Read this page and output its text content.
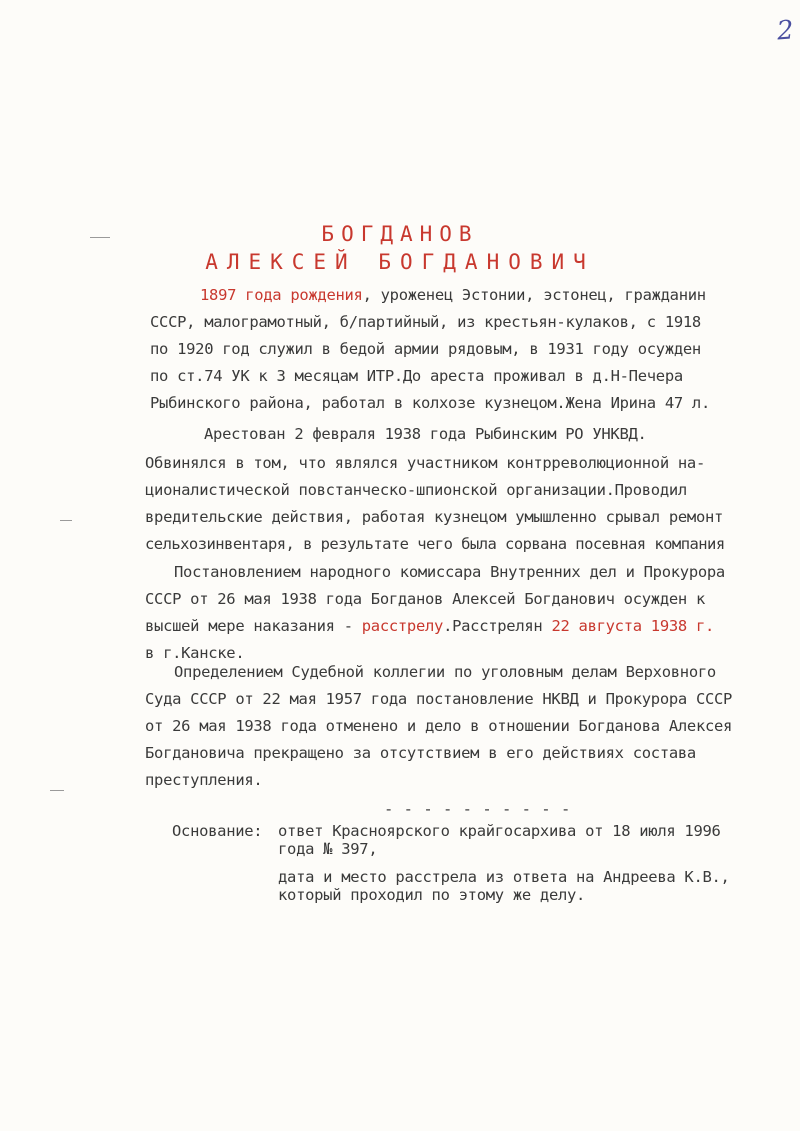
2
БОГДАНОВ
АЛЕКСЕЙ БОГДАНОВИЧ
1897 года рождения, уроженец Эстонии, эстонец, гражданин
СССР, малограмотный, б/партийный, из крестьян-кулаков, с 1918
по 1920 год служил в бедой армии рядовым, в 1931 году осужден
по ст.74 УК к 3 месяцам ИТР.До ареста проживал в д.Н-Печера
Рыбинского района, работал в колхозе кузнецом.Жена Ирина 47 л.
Арестован 2 февраля 1938 года Рыбинским РО УНКВД.
Обвинялся в том, что являлся участником контрреволюционной на-
ционалистической повстанческо-шпионской организации.Проводил
вредительские действия, работая кузнецом умышленно срывал ремонт
сельхозинвентаря, в результате чего была сорвана посевная компания
Постановлением народного комиссара Внутренних дел и Прокурора
СССР от 26 мая 1938 года Богданов Алексей Богданович осужден к
высшей мере наказания - расстрелу.Расстрелян 22 августа 1938 г.
в г.Канске.
Определением Судебной коллегии по уголовным делам Верховного
Суда СССР от 22 мая 1957 года постановление НКВД и Прокурора СССР
от 26 мая 1938 года отменено и дело в отношении Богданова Алексея
Богдановича прекращено за отсутствием в его действиях состава
преступления.
- - - - - - - - - -
Основание: ответ Красноярского крайгосархива от 18 июля 1996
года № 397,
дата и место расстрела из ответа на Андреева К.В.,
который проходил по этому же делу.
